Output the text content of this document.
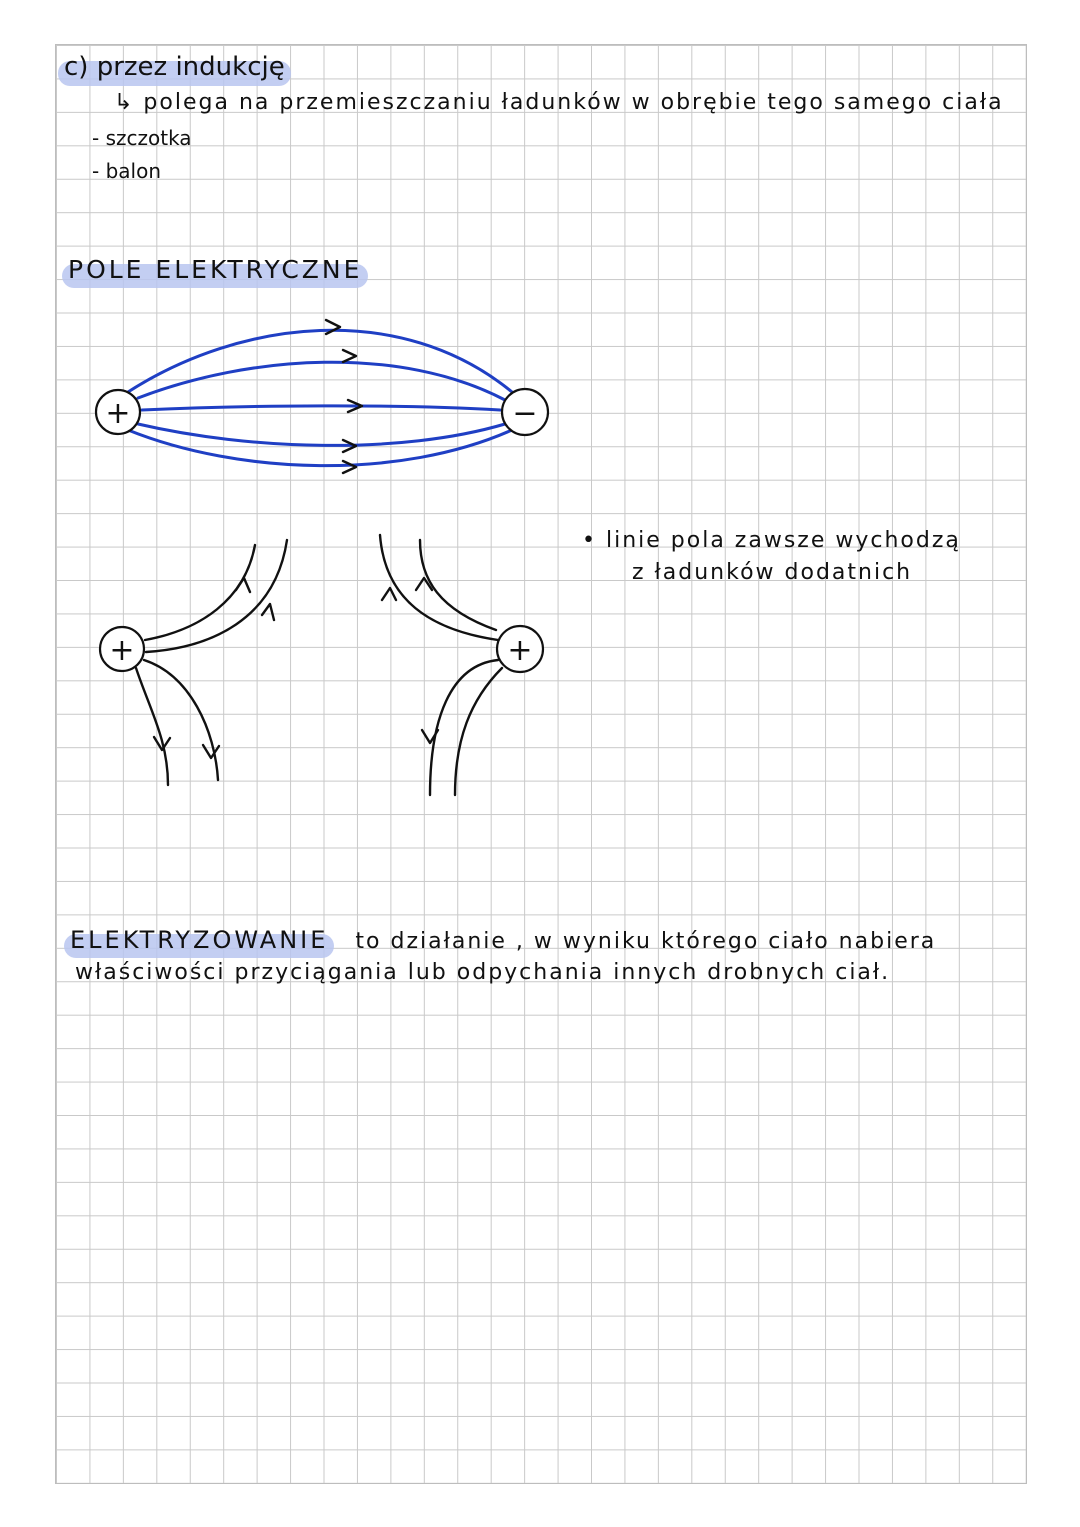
c) przez indukcję
↳ polega na przemieszczaniu ładunków w obrębie tego samego ciała
- szczotka
- balon
POLE ELEKTRYCZNE
+	−
+	+
• linie pola zawsze wychodzą
z ładunków dodatnich
ELEKTRYZOWANIE to działanie , w wyniku którego ciało nabiera
właściwości przyciągania lub odpychania innych drobnych ciał.
